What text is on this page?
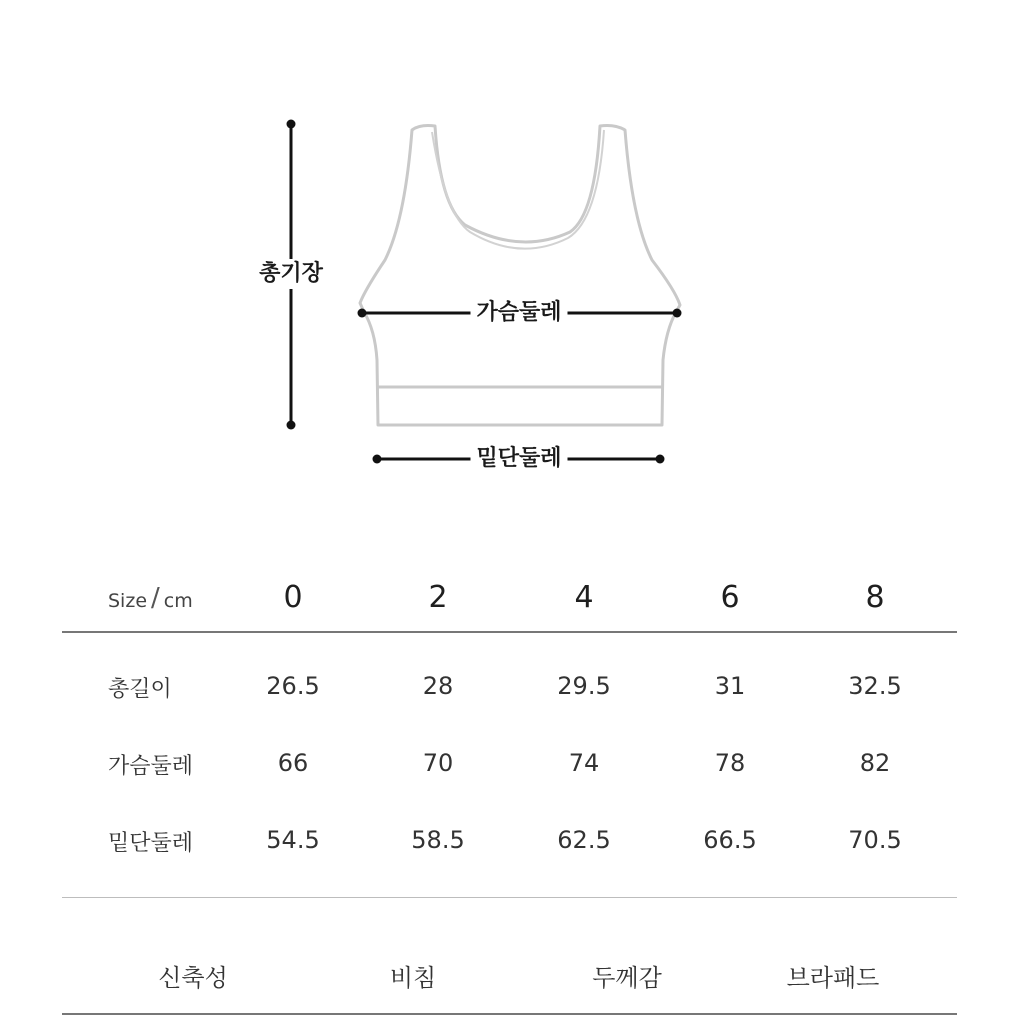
총기장
가슴둘레
밑단둘레
Size / cm	0	2	4	6	8
총길이	26.5	28	29.5	31	32.5
가슴둘레	66	70	74	78	82
밑단둘레	54.5	58.5	62.5	66.5	70.5
신축성	비침	두께감	브라패드
